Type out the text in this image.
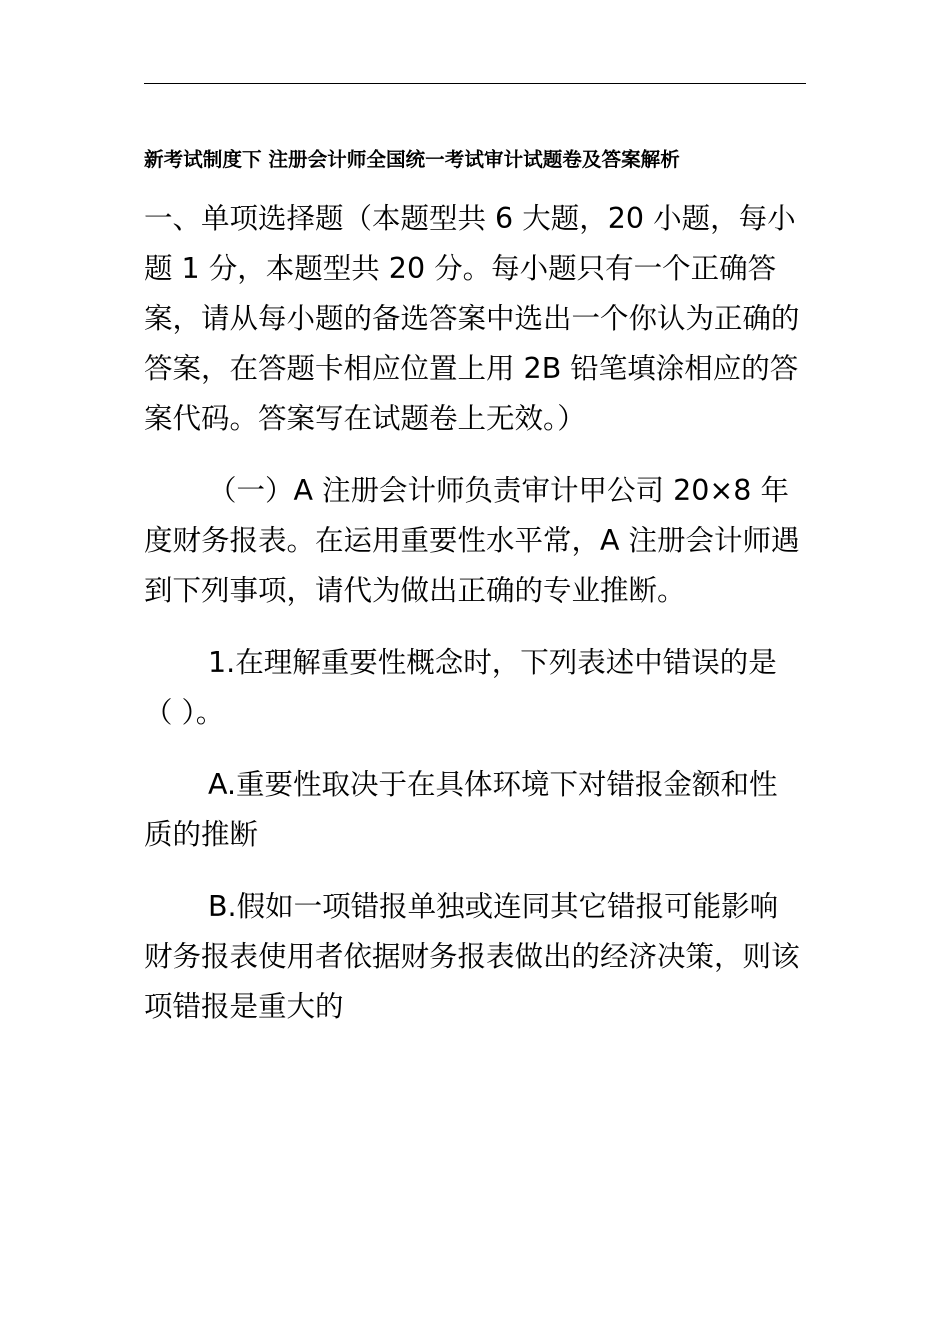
新考试制度下 注册会计师全国统一考试审计试题卷及答案解析

一、单项选择题（本题型共 6 大题，20 小题，每小题 1 分，本题型共 20 分。每小题只有一个正确答案，请从每小题的备选答案中选出一个你认为正确的答案，在答题卡相应位置上用 2B 铅笔填涂相应的答案代码。答案写在试题卷上无效。）

（一）A 注册会计师负责审计甲公司 20×8 年度财务报表。在运用重要性水平常，A 注册会计师遇到下列事项，请代为做出正确的专业推断。

1.在理解重要性概念时，下列表述中错误的是（ ）。

A.重要性取决于在具体环境下对错报金额和性质的推断

B.假如一项错报单独或连同其它错报可能影响财务报表使用者依据财务报表做出的经济决策，则该项错报是重大的
